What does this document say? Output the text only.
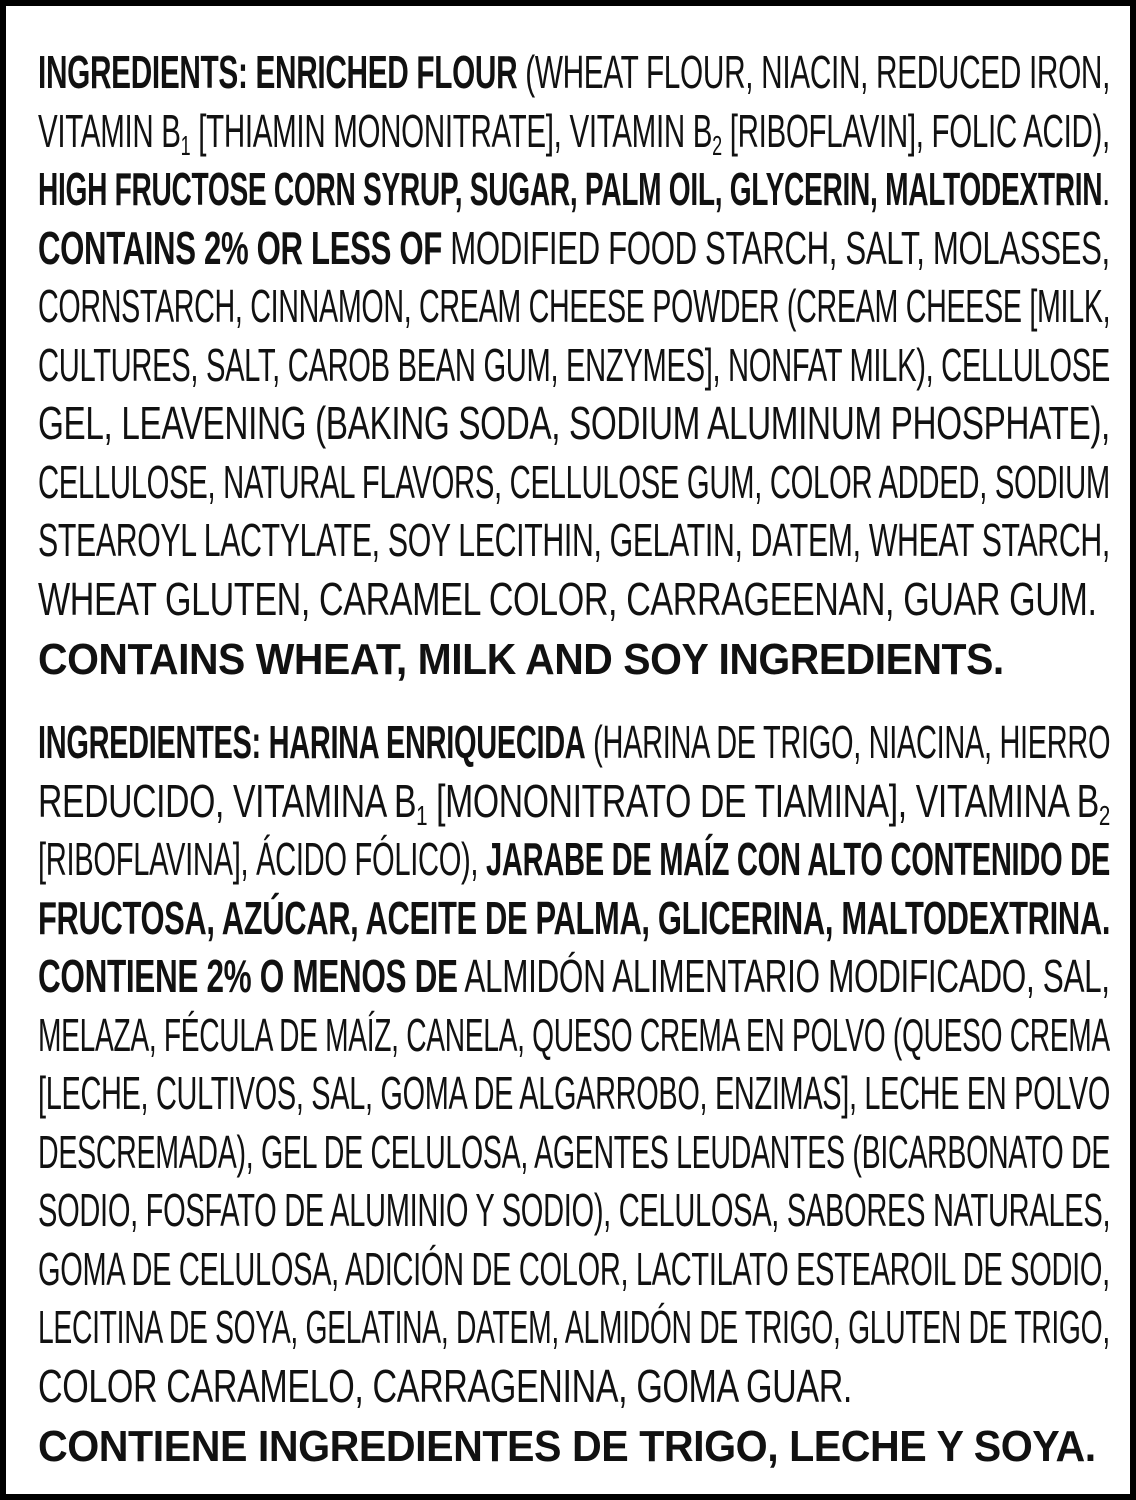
INGREDIENTS: ENRICHED FLOUR (WHEAT FLOUR, NIACIN, REDUCED IRON,
VITAMIN $B_1$ [THIAMIN MONONITRATE], VITAMIN $B_2$ [RIBOFLAVIN], FOLIC ACID),
HIGH FRUCTOSE CORN SYRUP, SUGAR, PALM OIL, GLYCERIN, MALTODEXTRIN.
CONTAINS 2% OR LESS OF MODIFIED FOOD STARCH, SALT, MOLASSES,
CORNSTARCH, CINNAMON, CREAM CHEESE POWDER (CREAM CHEESE [MILK,
CULTURES, SALT, CAROB BEAN GUM, ENZYMES], NONFAT MILK), CELLULOSE
GEL, LEAVENING (BAKING SODA, SODIUM ALUMINUM PHOSPHATE),
CELLULOSE, NATURAL FLAVORS, CELLULOSE GUM, COLOR ADDED, SODIUM
STEAROYL LACTYLATE, SOY LECITHIN, GELATIN, DATEM, WHEAT STARCH,
WHEAT GLUTEN, CARAMEL COLOR, CARRAGEENAN, GUAR GUM.
CONTAINS WHEAT, MILK AND SOY INGREDIENTS.
INGREDIENTES: HARINA ENRIQUECIDA (HARINA DE TRIGO, NIACINA, HIERRO
REDUCIDO, VITAMINA $B_1$ [MONONITRATO DE TIAMINA], VITAMINA $B_2$
[RIBOFLAVINA], ÁCIDO FÓLICO), JARABE DE MAÍZ CON ALTO CONTENIDO DE
FRUCTOSA, AZÚCAR, ACEITE DE PALMA, GLICERINA, MALTODEXTRINA.
CONTIENE 2% O MENOS DE ALMIDÓN ALIMENTARIO MODIFICADO, SAL,
MELAZA, FÉCULA DE MAÍZ, CANELA, QUESO CREMA EN POLVO (QUESO CREMA
[LECHE, CULTIVOS, SAL, GOMA DE ALGARROBO, ENZIMAS], LECHE EN POLVO
DESCREMADA), GEL DE CELULOSA, AGENTES LEUDANTES (BICARBONATO DE
SODIO, FOSFATO DE ALUMINIO Y SODIO), CELULOSA, SABORES NATURALES,
GOMA DE CELULOSA, ADICIÓN DE COLOR, LACTILATO ESTEAROIL DE SODIO,
LECITINA DE SOYA, GELATINA, DATEM, ALMIDÓN DE TRIGO, GLUTEN DE TRIGO,
COLOR CARAMELO, CARRAGENINA, GOMA GUAR.
CONTIENE INGREDIENTES DE TRIGO, LECHE Y SOYA.
